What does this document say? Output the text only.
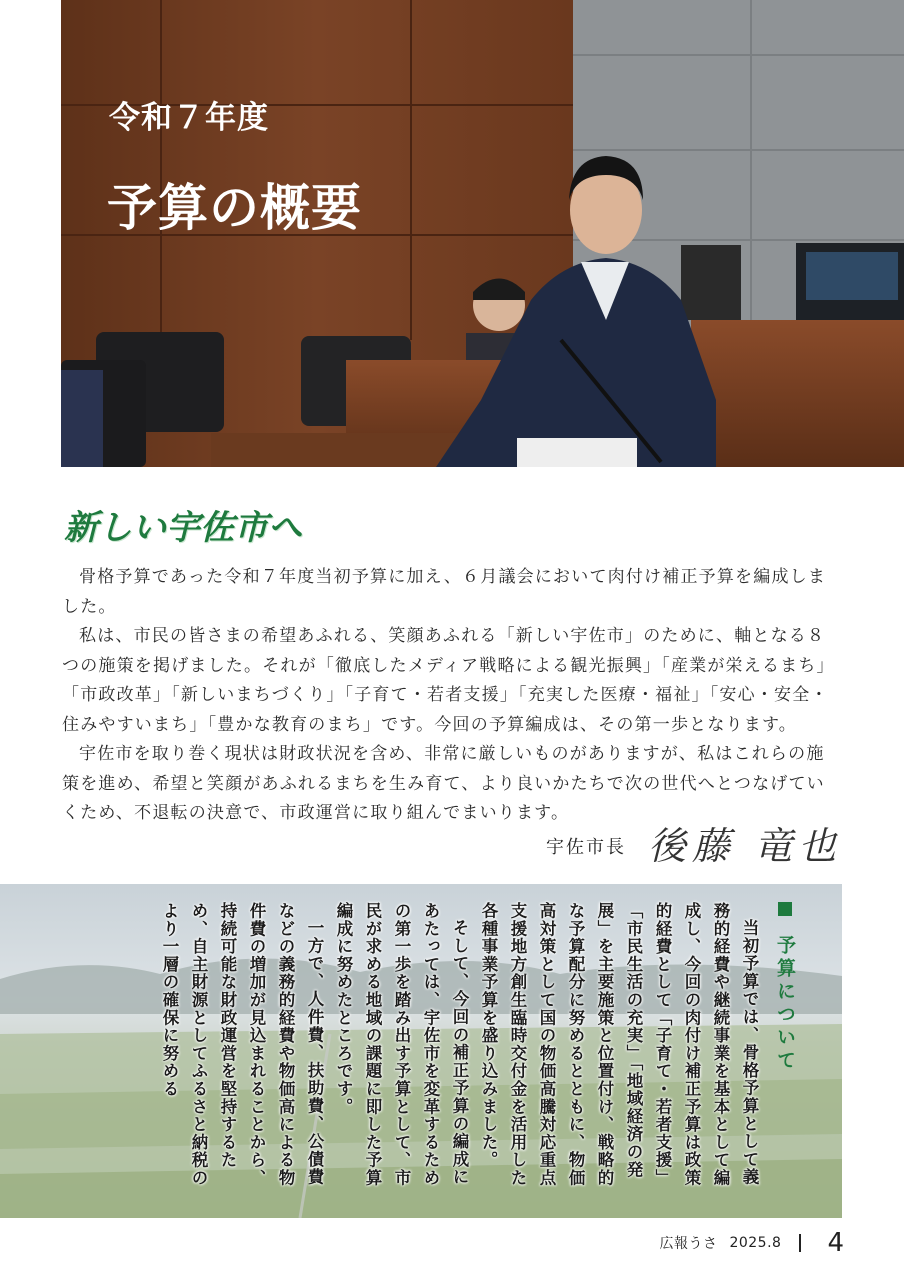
令和７年度
予算の概要
新しい宇佐市へ

骨格予算であった令和７年度当初予算に加え、６月議会において肉付け補正予算を編成しました。

私は、市民の皆さまの希望あふれる、笑顔あふれる「新しい宇佐市」のために、軸となる８つの施策を掲げました。それが「徹底したメディア戦略による観光振興」「産業が栄えるまち」「市政改革」「新しいまちづくり」「子育て・若者支援」「充実した医療・福祉」「安心・安全・住みやすいまち」「豊かな教育のまち」です。今回の予算編成は、その第一歩となります。

宇佐市を取り巻く現状は財政状況を含め、非常に厳しいものがありますが、私はこれらの施策を進め、希望と笑顔があふれるまちを生み育て、より良いかたちで次の世代へとつなげていくため、不退転の決意で、市政運営に取り組んでまいります。

宇佐市長 後藤 竜也
予算について

当初予算では、骨格予算として義務的経費や継続事業を基本として編成し、今回の肉付け補正予算は政策的経費として「子育て・若者支援」「市民生活の充実」「地域経済の発展」を主要施策と位置付け、戦略的な予算配分に努めるとともに、物価高対策として国の物価高騰対応重点支援地方創生臨時交付金を活用した各種事業予算を盛り込みました。

そして、今回の補正予算の編成にあたっては、宇佐市を変革するための第一歩を踏み出す予算として、市民が求める地域の課題に即した予算編成に努めたところです。

一方で、人件費、扶助費、公債費などの義務的経費や物価高による物件費の増加が見込まれることから、持続可能な財政運営を堅持するため、自主財源としてふるさと納税のより一層の確保に努める

広報うさ 2025.8 4
